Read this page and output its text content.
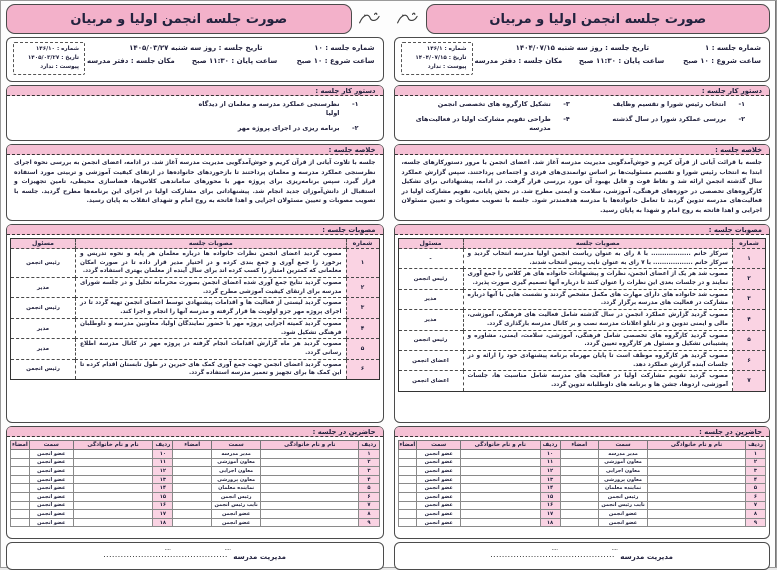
صورت جلسه انجمن اولیا و مربیان
شماره جلسه : ۱۰
تاریخ جلسه : روز سه شنبه ۱۴۰۵/۰۳/۲۷
ساعت شروع : ۱۰ صبح
ساعت پایان : ۱۱:۳۰ صبح
مکان جلسه : دفتر مدرسه
شماره : ۱۴۶/۱۰
تاریخ : ۱۴۰۵/۰۳/۲۷
پیوست : ندارد
دستور کار جلسه :
۱-
نظرسنجی عملکرد مدرسه و معلمان از دیدگاه اولیا
۲-
برنامه ریزی در اجرای پروژه مهر
خلاصه جلسه :
جلسه با تلاوت آیاتی از قرآن کریم و خوش‌آمدگویی مدیریت مدرسه آغاز شد. در ادامه، اعضای انجمن به بررسی نحوه اجرای نظرسنجی عملکرد مدرسه و معلمان پرداختند تا بازخوردهای خانواده‌ها در ارتقای کیفیت آموزشی و تربیتی مورد استفاده قرار گیرد. سپس برنامه‌ریزی برای پروژه مهر با محورهای ساماندهی کلاس‌ها، فضاسازی محیطی، تامین تجهیزات و استقبال از دانش‌آموزان جدید انجام شد. پیشنهاداتی برای مشارکت اولیا در اجرای این برنامه‌ها مطرح گردید. جلسه با تصویب مصوبات و تعیین مسئولان اجرایی و اهدا فاتحه به روح امام و شهدای انقلاب به پایان رسید.
مصوبات جلسه :
شماره	مصوبات جلسه	مسئول
۱	مصوب گردید اعضای انجمن نظرات خانواده ها درباره معلمان هر پایه و نحوه تدریس و برخورد را جمع آوری و جمع بندی کرده و در اختیار مدیر قرار داده تا در صورت امکان معلمانی که کمترین امتیاز را کسب کرده اند برای سال آینده از معلمان بهتری استفاده گردد.	رئیس انجمن
۲	مصوب گردید نتایج جمع آوری شده اعضای انجمن بصورت محرمانه تحلیل و در جلسه شورای مدرسه برای ارتقای کیفیت آموزشی مطرح گردد.	مدیر
۳	مصوب گردید لیستی از فعالیت ها و اقدامات پیشنهادی توسط اعضای انجمن تهیه گردد تا در اجرای پروژه مهر جزو اولویت ها قرار گرفته و مدرسه آنها را انجام و اجرا کند.	رئیس انجمن
۴	مصوب گردید کمیته اجرایی پروژه مهر با حضور نمایندگان اولیا، معاونین مدرسه و داوطلبان فرهنگی تشکیل شود.	مدیر
۵	مصوب گردید هر ماه گزارش اقدامات انجام گرفته در پروژه مهر در کانال مدرسه اطلاع رسانی گردد.	مدیر
۶	مصوب گردید اعضای انجمن جهت جمع آوری کمک های خیرین در طول تابستان اقدام کرده تا این کمک ها برای تجهیز و تعمیر مدرسه استفاده گردد.	رئیس انجمن
حاضرین در جلسه :
ردیف	نام و نام خانوادگی	سمت	امضاء	ردیف	نام و نام خانوادگی	سمت	امضاء
۱		مدیر مدرسه		۱۰		عضو انجمن	
۲		معاون آموزشی		۱۱		عضو انجمن	
۳		معاون اجرایی		۱۲		عضو انجمن	
۴		معاون پرورشی		۱۳		عضو انجمن	
۵		نماینده معلمان		۱۴		عضو انجمن	
۶		رئیس انجمن		۱۵		عضو انجمن	
۷		نایب رئیس انجمن		۱۶		عضو انجمن	
۸		عضو انجمن		۱۷		عضو انجمن	
۹		عضو انجمن		۱۸		عضو انجمن	
....	....
مدیریت مدرسه
...........................................
صورت جلسه انجمن اولیا و مربیان
شماره جلسه : ۱
تاریخ جلسه : روز سه شنبه ۱۴۰۴/۰۷/۱۵
ساعت شروع : ۱۰ صبح
ساعت پایان : ۱۱:۳۰ صبح
مکان جلسه : دفتر مدرسه
شماره : ۱۴۶/۱
تاریخ : ۱۴۰۴/۰۷/۱۵
پیوست : ندارد
دستور کار جلسه :
۱-
انتخاب رئیس شورا و تقسیم وظایف
۲-
بررسی عملکرد شورا در سال گذشته
۳-
تشکیل کارگروه های تخصصی انجمن
۴-
طراحی تقویم مشارکت اولیا در فعالیت‌های مدرسه
خلاصه جلسه :
جلسه با قرائت آیاتی از قرآن کریم و خوش‌آمدگویی مدیریت مدرسه آغاز شد. اعضای انجمن با مرور دستورکارهای جلسه، ابتدا به انتخاب رئیس شورا و تقسیم مسئولیت‌ها بر اساس توانمندی‌های فردی و اجتماعی پرداختند. سپس گزارش عملکرد سال گذشته انجمن ارائه شد و نقاط قوت و قابل بهبود آن مورد بررسی قرار گرفت. در ادامه، پیشنهاداتی برای تشکیل کارگروه‌های تخصصی در حوزه‌های فرهنگی، آموزشی، سلامت و ایمنی مطرح شد. در بخش پایانی، تقویم مشارکت اولیا در فعالیت‌های مدرسه تدوین گردید تا تعامل خانواده‌ها با مدرسه هدفمندتر شود. جلسه با تصویب مصوبات و تعیین مسئولان اجرایی و اهدا فاتحه به روح امام و شهدا به پایان رسید.
مصوبات جلسه :
شماره	مصوبات جلسه	مسئول
۱	سرکار خانم .................. با ۸ رای به عنوان ریاست انجمن اولیا مدرسه انتخاب گردید و سرکار خانم .................. با ۷ رای به عنوان نایب رییس انتخاب شدند.	-
۲	مصوب شد هر یک از اعضای انجمن، نظرات و پیشنهادات خانواده های هر کلاس را جمع آوری نمایند و در جلسات بعدی این نظرات را عنوان کنند تا درباره آنها تصمیم گیری صورت پذیرد.	رئیس انجمن
۳	مصوب شد خانواده های دارای مهارت های مکمل مشخص گردند و نشست هایی با آنها درباره مشارکت در فعالیت های مدرسه برگزار گردد.	مدیر
۴	مصوب گردید گزارش عملکرد انجمن در سال گذشته شامل فعالیت های فرهنگی، آموزشی، مالی و ایمنی تدوین و در تابلو اعلانات مدرسه نصب و بر کانال مدرسه بارگذاری گردد.	مدیر
۵	مصوب گردید کارگروه های تخصصی شامل فرهنگی، آموزشی، سلامت، ایمنی، مشاوره و پشتیبانی تشکیل و مسئول هر کارگروه تعیین گردد.	رئیس انجمن
۶	مصوب گردید هر کارگروه موظف است تا پایان مهرماه برنامه پیشنهادی خود را ارائه و در جلسات آینده گزارش عملکرد دهد.	اعضای انجمن
۷	مصوب گردید تقویم مشارکت اولیا در فعالیت های مدرسه شامل مناسبت ها، جلسات آموزشی، اردوها، جشن ها و برنامه های داوطلبانه تدوین گردد.	اعضای انجمن
حاضرین در جلسه :
ردیف	نام و نام خانوادگی	سمت	امضاء	ردیف	نام و نام خانوادگی	سمت	امضاء
۱		مدیر مدرسه		۱۰		عضو انجمن	
۲		معاون آموزشی		۱۱		عضو انجمن	
۳		معاون اجرایی		۱۲		عضو انجمن	
۴		معاون پرورشی		۱۳		عضو انجمن	
۵		نماینده معلمان		۱۴		عضو انجمن	
۶		رئیس انجمن		۱۵		عضو انجمن	
۷		نایب رئیس انجمن		۱۶		عضو انجمن	
۸		عضو انجمن		۱۷		عضو انجمن	
۹		عضو انجمن		۱۸		عضو انجمن	
....	....
مدیریت مدرسه
...........................................
